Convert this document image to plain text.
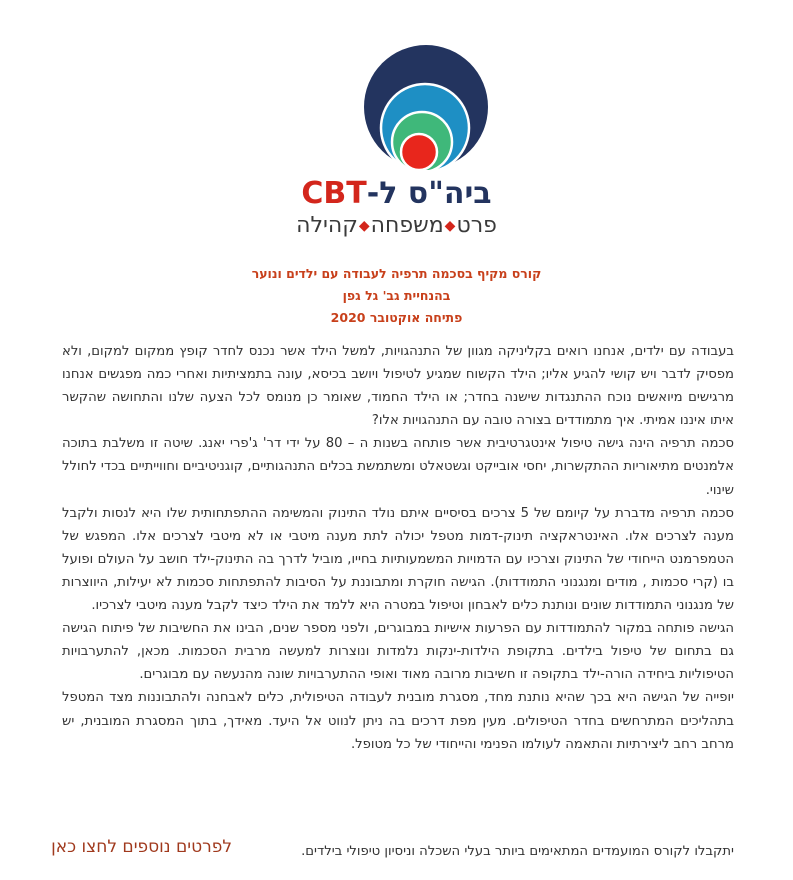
ביה"ס ל-CBT
פרט◆משפחה◆קהילה
קורס מקיף בסכמה תרפיה לעבודה עם ילדים ונוער
בהנחיית גב' גל גפן
פתיחה אוקטובר 2020

בעבודה עם ילדים, אנחנו רואים בקליניקה מגוון של התנהגויות, למשל הילד אשר נכנס לחדר קופץ ממקום למקום, ולא מפסיק לדבר ויש קושי להגיע אליו; הילד הקשוח שמגיע לטיפול ויושב בכיסא, עונה בתמציתיות ואחרי כמה מפגשים אנחנו מרגישים מיואשים נוכח ההתנגדות שישנה בחדר; או הילד החמוד, שאומר כן מנומס לכל הצעה שלנו והתחושה שהקשר איתו איננו אמיתי. איך מתמודדים בצורה טובה עם התנהגויות אלו?

סכמה תרפיה הינה גישה טיפול אינטגרטיבית אשר פותחה בשנות ה – 80 על ידי דר' ג'פרי יאנג. שיטה זו משלבת בתוכה אלמנטים מתיאוריות ההתקשרות, יחסי אובייקט וגשטאלט ומשתמשת בכלים התנהגותיים, קוגניטיביים וחווייתיים בכדי לחולל שינוי.

סכמה תרפיה מדברת על קיומם של 5 צרכים בסיסיים איתם נולד התינוק והמשימה ההתפתחותית שלו היא לנסות ולקבל מענה לצרכים אלו. האינטראקציה תינוק-דמות מטפל יכולה לתת מענה מיטבי או לא מיטבי לצרכים אלו. המפגש של הטמפרמנט הייחודי של התינוק וצרכיו עם הדמויות המשמעותיות בחייו, מוביל לדרך בה התינוק-ילד חושב על העולם ופועל בו (קרי סכמות , מודים ומנגנוני התמודדות). הגישה חוקרת ומתבוננת על הסיבות להתפתחות סכמות לא יעילות, היווצרות של מנגנוני התמודדות שונים ונותנת כלים לאבחון וטיפול במטרה היא ללמד את הילד כיצד לקבל מענה מיטבי לצרכיו.

הגישה פותחה במקור להתמודדות עם הפרעות אישיות במבוגרים, ולפני מספר שנים, הבינו את החשיבות של פיתוח הגישה גם בתחום של טיפול בילדים. בתקופת הילדות-ינקות נלמדות ונוצרות למעשה מרבית הסכמות. מכאן, להתערבויות הטיפוליות ביחידה הורה-ילד בתקופה זו חשיבות מרובה מאוד ואופי ההתערבויות שונה מהנעשה עם מבוגרים.

יופייה של הגישה היא בכך שהיא נותנת מחד, מסגרת מובנית לעבודה הטיפולית, כלים לאבחנה ולהתבוננות מצד המטפל בתהליכים המתרחשים בחדר הטיפולים. מעין מפת דרכים בה ניתן לנווט אל היעד. מאידך, בתוך המסגרת המובנית, יש מרחב רחב ליצירתיות והתאמה לעולמו הפנימי והייחודי של כל מטופל.

יתקבלו לקורס המועמדים המתאימים ביותר בעלי השכלה וניסיון טיפולי בילדים.
לפרטים נוספים לחצו כאן
